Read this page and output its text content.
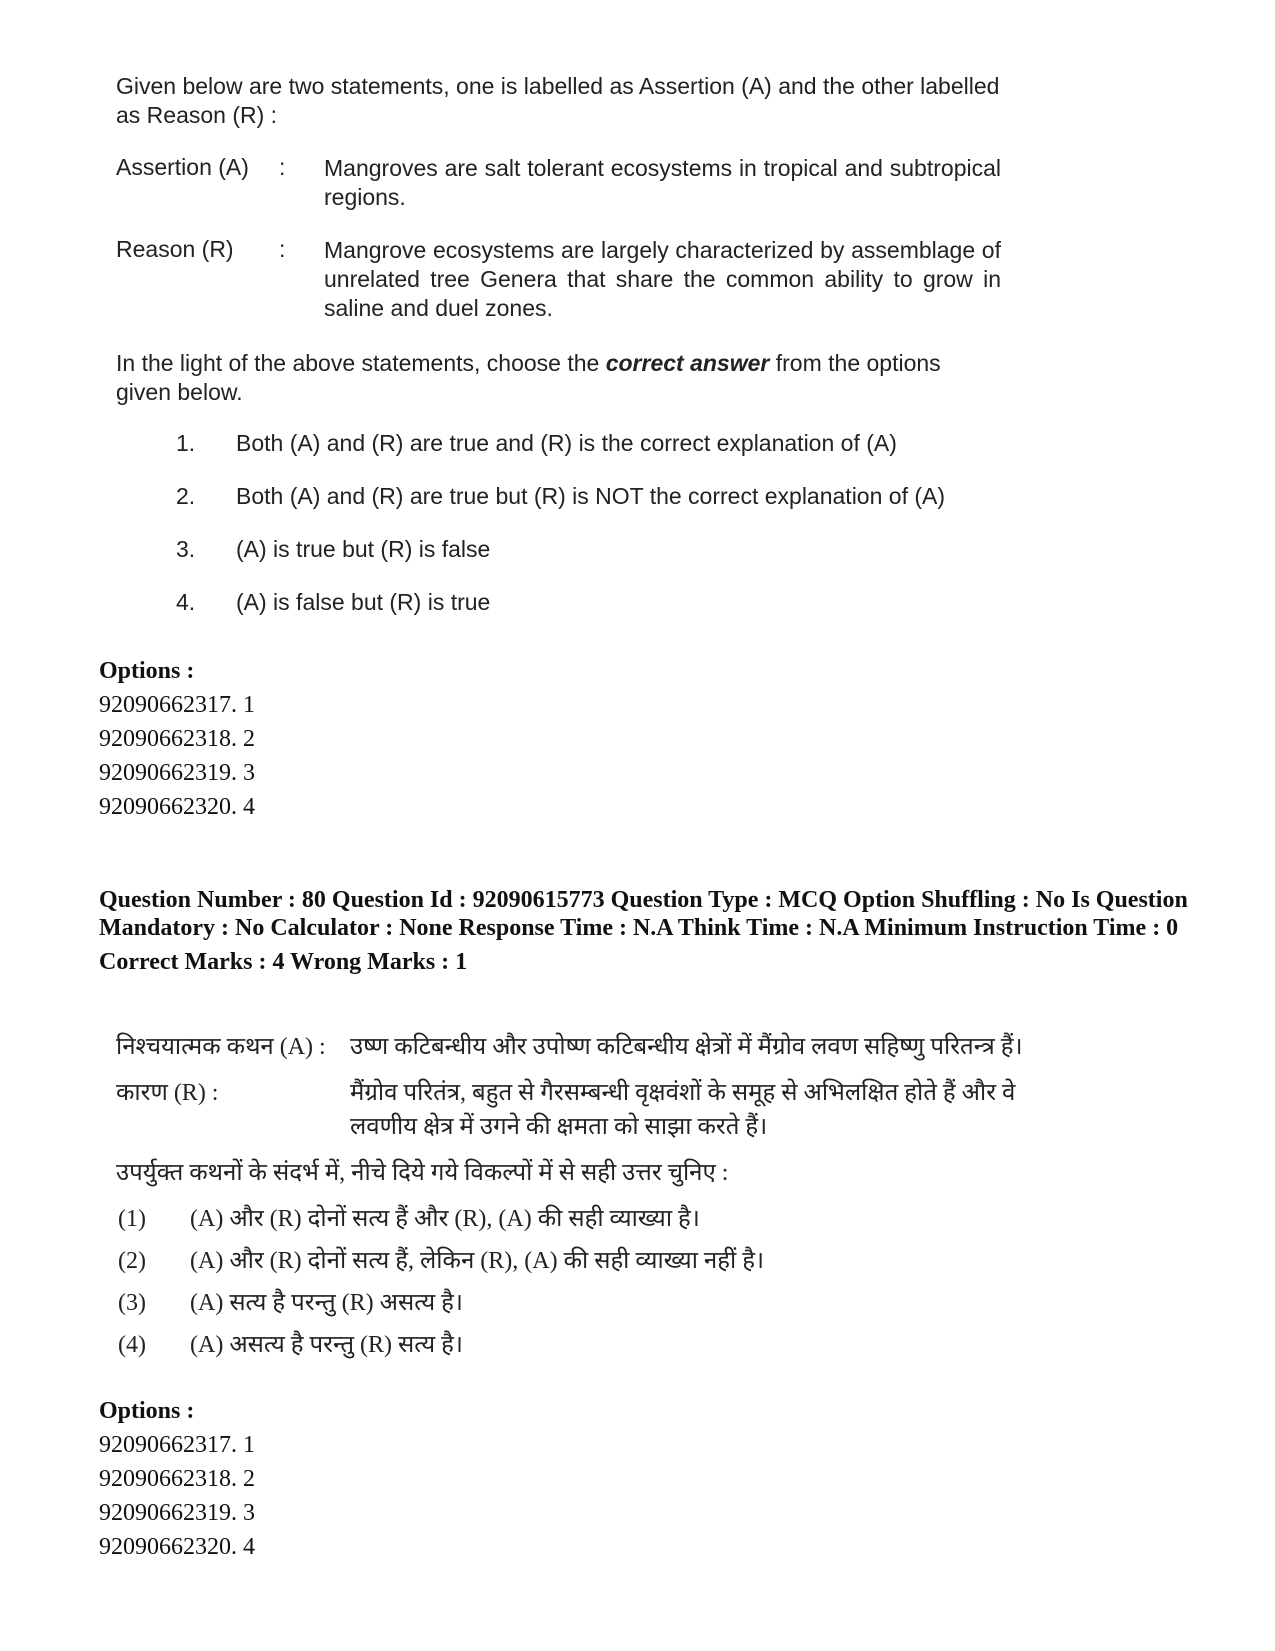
Given below are two statements, one is labelled as Assertion (A) and the other labelled as Reason (R) :

Assertion (A) : Mangroves are salt tolerant ecosystems in tropical and subtropical regions.
Reason (R) : Mangrove ecosystems are largely characterized by assemblage of unrelated tree Genera that share the common ability to grow in saline and duel zones.

In the light of the above statements, choose the correct answer from the options given below.

1. Both (A) and (R) are true and (R) is the correct explanation of (A)
2. Both (A) and (R) are true but (R) is NOT the correct explanation of (A)
3. (A) is true but (R) is false
4. (A) is false but (R) is true
Options :
92090662317. 1
92090662318. 2
92090662319. 3
92090662320. 4
Question Number : 80 Question Id : 92090615773 Question Type : MCQ Option Shuffling : No Is Question Mandatory : No Calculator : None Response Time : N.A Think Time : N.A Minimum Instruction Time : 0
Correct Marks : 4 Wrong Marks : 1
निश्चयात्मक कथन (A) : उष्ण कटिबन्धीय और उपोष्ण कटिबन्धीय क्षेत्रों में मैंग्रोव लवण सहिष्णु परितन्त्र हैं।
कारण (R) :	मैंग्रोव परितंत्र, बहुत से गैरसम्बन्धी वृक्षवंशों के समूह से अभिलक्षित होते हैं और वे लवणीय क्षेत्र में उगने की क्षमता को साझा करते हैं।
उपर्युक्त कथनों के संदर्भ में, नीचे दिये गये विकल्पों में से सही उत्तर चुनिए :
(1) (A) और (R) दोनों सत्य हैं और (R), (A) की सही व्याख्या है।
(2) (A) और (R) दोनों सत्य हैं, लेकिन (R), (A) की सही व्याख्या नहीं है।
(3) (A) सत्य है परन्तु (R) असत्य है।
(4) (A) असत्य है परन्तु (R) सत्य है।
Options :
92090662317. 1
92090662318. 2
92090662319. 3
92090662320. 4
